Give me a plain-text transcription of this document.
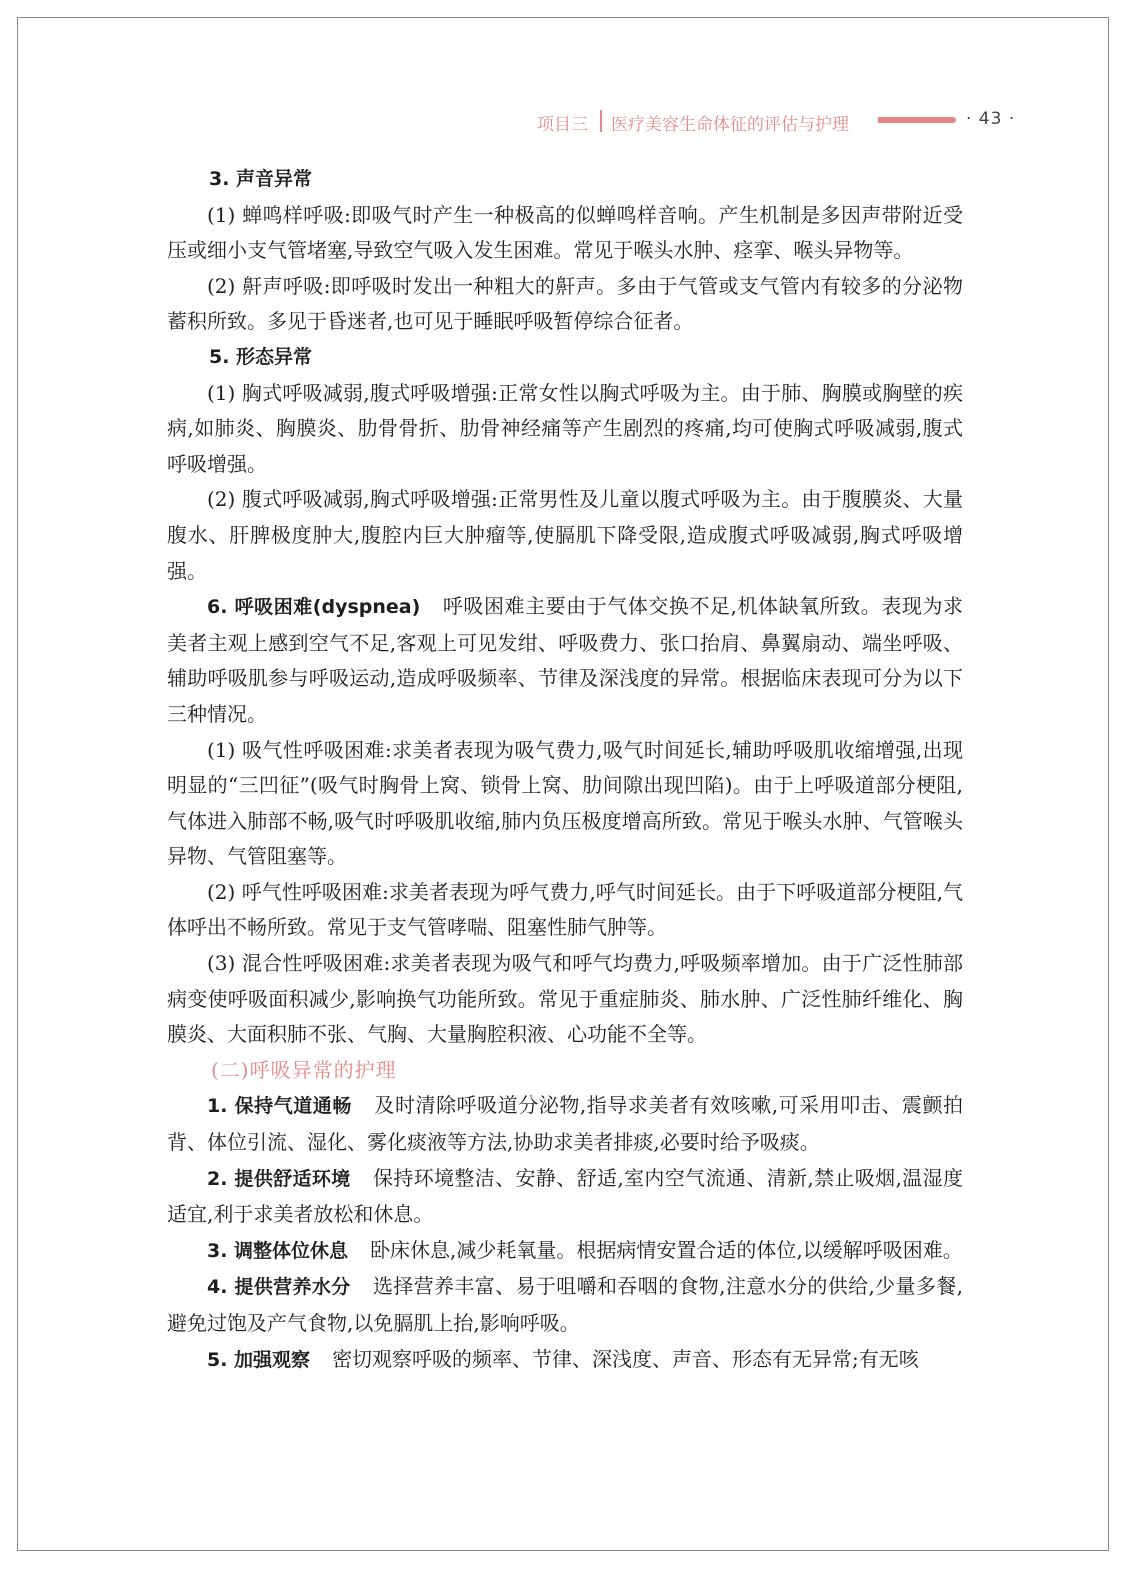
项目三 医疗美容生命体征的评估与护理	· 43 ·

3. 声音异常

(1) 蝉鸣样呼吸:即吸气时产生一种极高的似蝉鸣样音响。产生机制是多因声带附近受压或细小支气管堵塞,导致空气吸入发生困难。常见于喉头水肿、痉挛、喉头异物等。

(2) 鼾声呼吸:即呼吸时发出一种粗大的鼾声。多由于气管或支气管内有较多的分泌物蓄积所致。多见于昏迷者,也可见于睡眠呼吸暂停综合征者。

5. 形态异常

(1) 胸式呼吸减弱,腹式呼吸增强:正常女性以胸式呼吸为主。由于肺、胸膜或胸壁的疾病,如肺炎、胸膜炎、肋骨骨折、肋骨神经痛等产生剧烈的疼痛,均可使胸式呼吸减弱,腹式呼吸增强。

(2) 腹式呼吸减弱,胸式呼吸增强:正常男性及儿童以腹式呼吸为主。由于腹膜炎、大量腹水、肝脾极度肿大,腹腔内巨大肿瘤等,使膈肌下降受限,造成腹式呼吸减弱,胸式呼吸增强。

6. 呼吸困难(dyspnea) 呼吸困难主要由于气体交换不足,机体缺氧所致。表现为求美者主观上感到空气不足,客观上可见发绀、呼吸费力、张口抬肩、鼻翼扇动、端坐呼吸、辅助呼吸肌参与呼吸运动,造成呼吸频率、节律及深浅度的异常。根据临床表现可分为以下三种情况。

(1) 吸气性呼吸困难:求美者表现为吸气费力,吸气时间延长,辅助呼吸肌收缩增强,出现明显的“三凹征”(吸气时胸骨上窝、锁骨上窝、肋间隙出现凹陷)。由于上呼吸道部分梗阻,气体进入肺部不畅,吸气时呼吸肌收缩,肺内负压极度增高所致。常见于喉头水肿、气管喉头异物、气管阻塞等。

(2) 呼气性呼吸困难:求美者表现为呼气费力,呼气时间延长。由于下呼吸道部分梗阻,气体呼出不畅所致。常见于支气管哮喘、阻塞性肺气肿等。

(3) 混合性呼吸困难:求美者表现为吸气和呼气均费力,呼吸频率增加。由于广泛性肺部病变使呼吸面积减少,影响换气功能所致。常见于重症肺炎、肺水肿、广泛性肺纤维化、胸膜炎、大面积肺不张、气胸、大量胸腔积液、心功能不全等。

(二)呼吸异常的护理

1. 保持气道通畅 及时清除呼吸道分泌物,指导求美者有效咳嗽,可采用叩击、震颤拍背、体位引流、湿化、雾化痰液等方法,协助求美者排痰,必要时给予吸痰。

2. 提供舒适环境 保持环境整洁、安静、舒适,室内空气流通、清新,禁止吸烟,温湿度适宜,利于求美者放松和休息。

3. 调整体位休息 卧床休息,减少耗氧量。根据病情安置合适的体位,以缓解呼吸困难。

4. 提供营养水分 选择营养丰富、易于咀嚼和吞咽的食物,注意水分的供给,少量多餐,避免过饱及产气食物,以免膈肌上抬,影响呼吸。

5. 加强观察 密切观察呼吸的频率、节律、深浅度、声音、形态有无异常;有无咳
